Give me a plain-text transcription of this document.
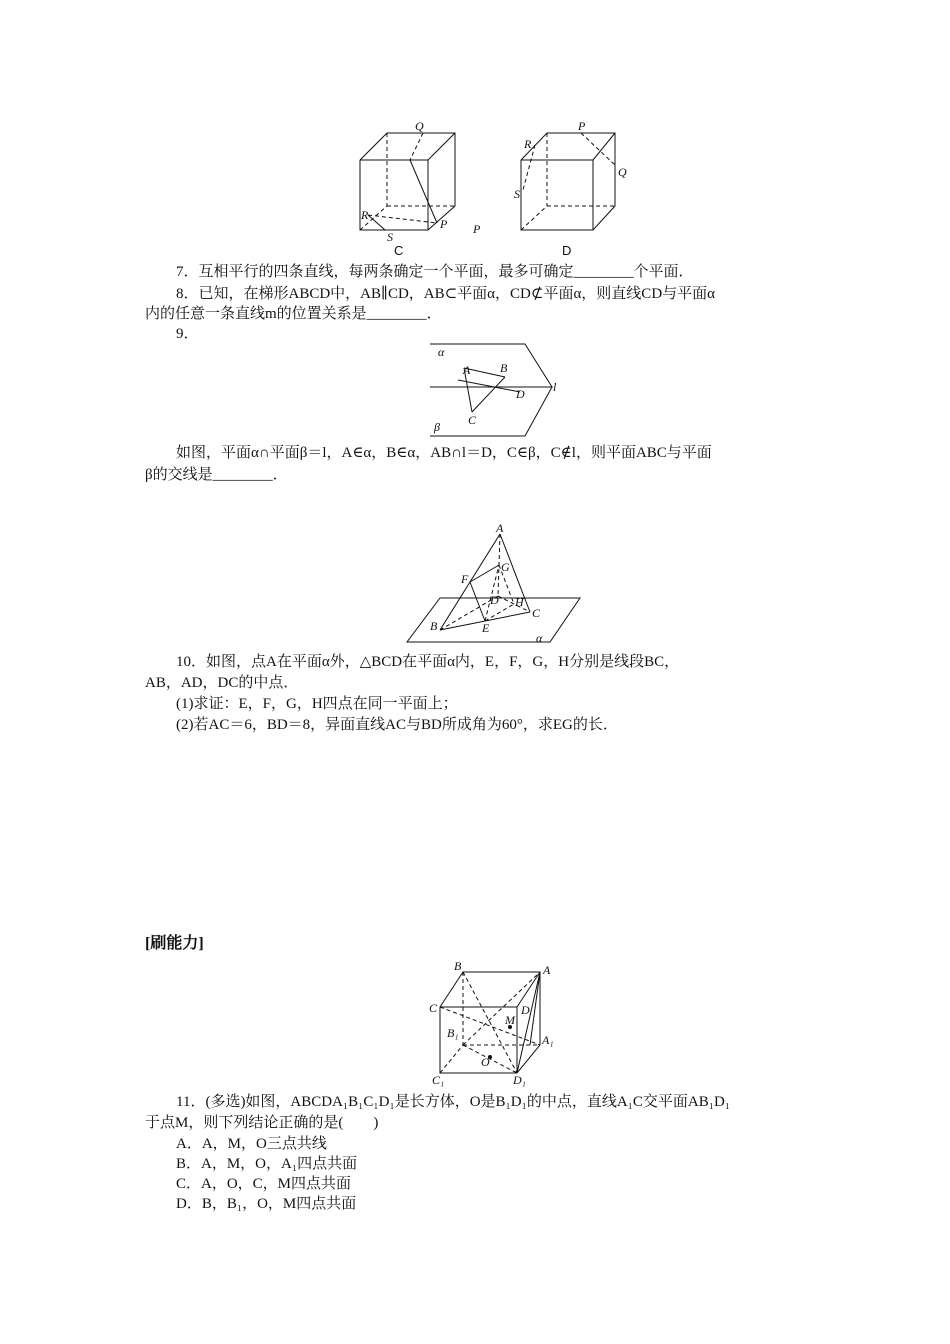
Q
R
S
P
C
P
P
R
Q
S
D
7．互相平行的四条直线，每两条确定一个平面，最多可确定________个平面．
8．已知，在梯形ABCD中，AB∥CD，AB⊂平面α，CD⊄平面α，则直线CD与平面α
内的任意一条直线m的位置关系是________．
9．
α
A B
D l
C
β
如图，平面α∩平面β＝l，A∈α，B∈α，AB∩l＝D，C∈β，C∉l，则平面ABC与平面
β的交线是________．
A
F
G
D H
C
B	E
α
10．如图，点A在平面α外，△BCD在平面α内，E，F，G，H分别是线段BC，
AB，AD，DC的中点．
(1)求证：E，F，G，H四点在同一平面上；
(2)若AC＝6，BD＝8，异面直线AC与BD所成角为60°，求EG的长．
[刷能力]
B	A
C	D
M
B₁	A₁
O
C₁	D₁
11．(多选)如图，ABCDA₁B₁C₁D₁是长方体，O是B₁D₁的中点，直线A₁C交平面AB₁D₁
于点M，则下列结论正确的是(　　)
A．A，M，O三点共线
B．A，M，O，A₁四点共面
C．A，O，C，M四点共面
D．B，B₁，O，M四点共面
